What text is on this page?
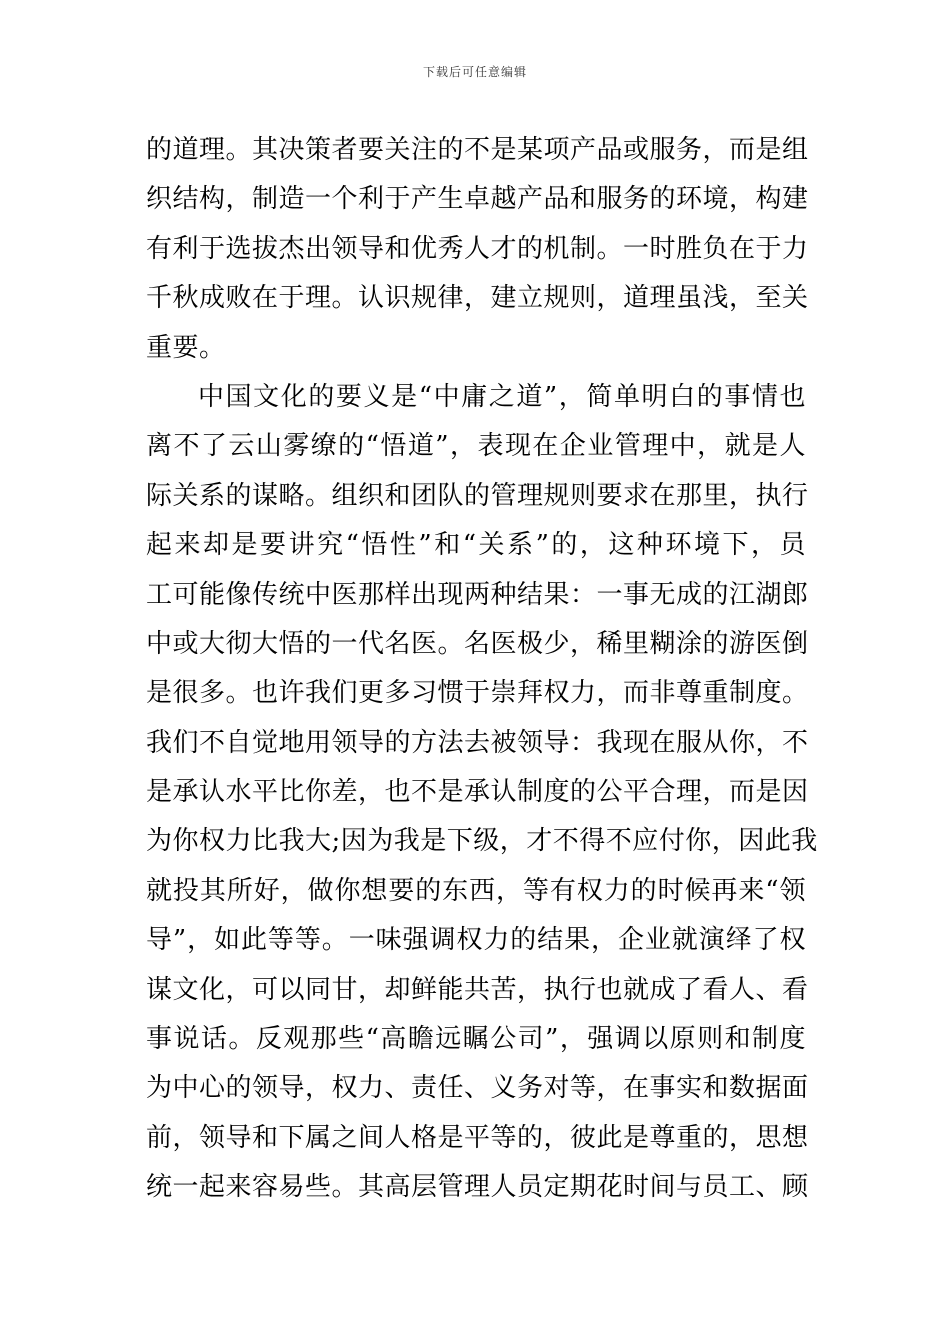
下载后可任意编辑
的道理。其决策者要关注的不是某项产品或服务，而是组
织结构，制造一个利于产生卓越产品和服务的环境，构建
有利于选拔杰出领导和优秀人才的机制。一时胜负在于力
千秋成败在于理。认识规律，建立规则，道理虽浅，至关
重要。
中国文化的要义是“中庸之道”，简单明白的事情也
离不了云山雾缭的“悟道”，表现在企业管理中，就是人
际关系的谋略。组织和团队的管理规则要求在那里，执行
起来却是要讲究“悟性”和“关系”的，这种环境下，员
工可能像传统中医那样出现两种结果：一事无成的江湖郎
中或大彻大悟的一代名医。名医极少，稀里糊涂的游医倒
是很多。也许我们更多习惯于崇拜权力，而非尊重制度。
我们不自觉地用领导的方法去被领导：我现在服从你，不
是承认水平比你差，也不是承认制度的公平合理，而是因
为你权力比我大;因为我是下级，才不得不应付你，因此我
就投其所好，做你想要的东西，等有权力的时候再来“领
导”，如此等等。一味强调权力的结果，企业就演绎了权
谋文化，可以同甘，却鲜能共苦，执行也就成了看人、看
事说话。反观那些“高瞻远瞩公司”，强调以原则和制度
为中心的领导，权力、责任、义务对等，在事实和数据面
前，领导和下属之间人格是平等的，彼此是尊重的，思想
统一起来容易些。其高层管理人员定期花时间与员工、顾
